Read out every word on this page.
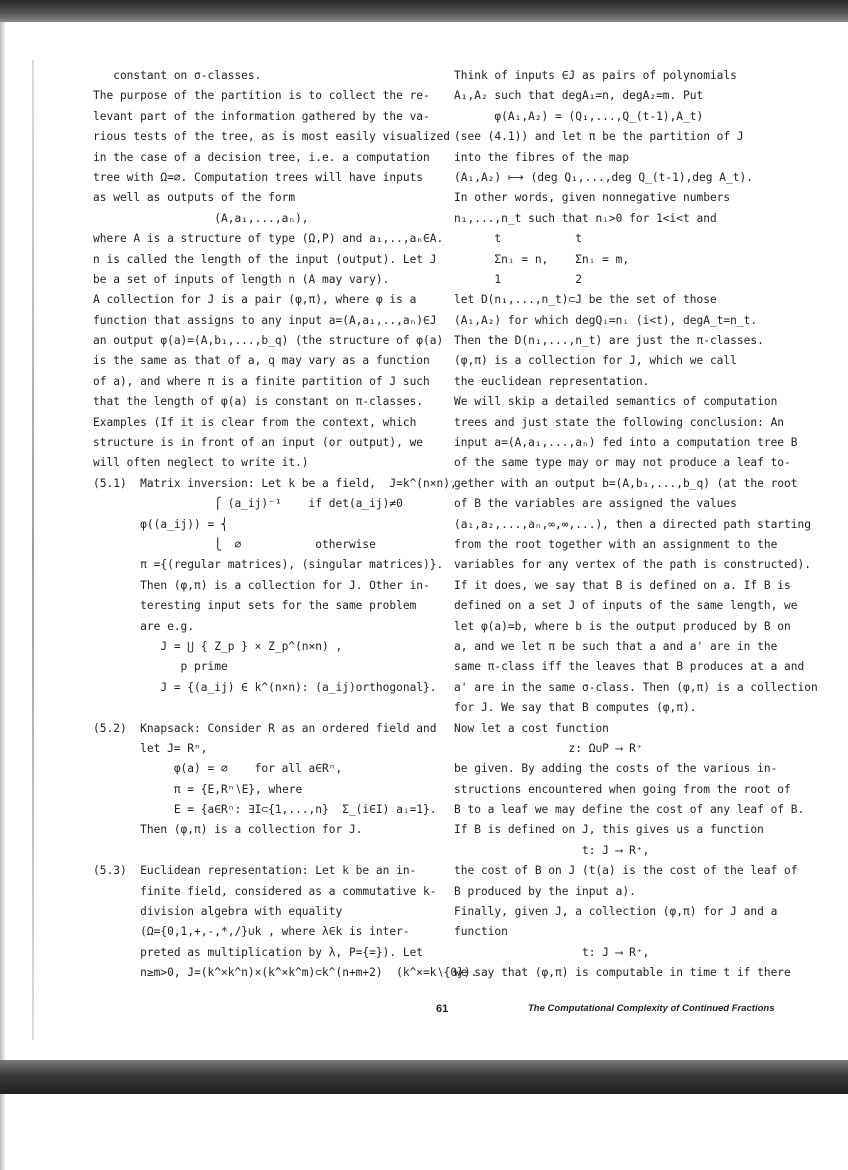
constant on σ-classes.
The purpose of the partition is to collect the re-
levant part of the information gathered by the va-
rious tests of the tree, as is most easily visualized
in the case of a decision tree, i.e. a computation
tree with Ω=∅. Computation trees will have inputs
as well as outputs of the form
(A,a₁,...,aₙ),
where A is a structure of type (Ω,P) and a₁,..,aₙ∈A.
n is called the length of the input (output). Let J
be a set of inputs of length n (A may vary).
A collection for J is a pair (φ,π), where φ is a
function that assigns to any input a=(A,a₁,..,aₙ)∈J
an output φ(a)=(A,b₁,...,b_q) (the structure of φ(a)
is the same as that of a, q may vary as a function
of a), and where π is a finite partition of J such
that the length of φ(a) is constant on π-classes.
Examples (If it is clear from the context, which
structure is in front of an input (or output), we
will often neglect to write it.)
(5.1)  Matrix inversion: Let k be a field,  J=k^(n×n),
⎧ (a_ij)⁻¹    if det(a_ij)≠0
φ((a_ij)) = ⎨
⎩  ∅           otherwise
π ={(regular matrices), (singular matrices)}.
Then (φ,π) is a collection for J. Other in-
teresting input sets for the same problem
are e.g.
J = ⋃ { Z_p } × Z_p^(n×n) ,
p prime
J = {(a_ij) ∈ k^(n×n): (a_ij)orthogonal}.
(5.2)  Knapsack: Consider R as an ordered field and
let J= Rⁿ,
φ(a) = ∅    for all a∈Rⁿ,
π = {E,Rⁿ∖E}, where
E = {a∈Rⁿ: ∃I⊂{1,...,n}  Σ_(i∈I) aᵢ=1}.
Then (φ,π) is a collection for J.
(5.3)  Euclidean representation: Let k be an in-
finite field, considered as a commutative k-
division algebra with equality
(Ω={0,1,+,-,*,/}∪k , where λ∈k is inter-
preted as multiplication by λ, P={=}). Let
n≥m>0, J=(k^×k^n)×(k^×k^m)⊂k^(n+m+2)  (k^×=k∖{0}).
Think of inputs ∈J as pairs of polynomials
A₁,A₂ such that degA₁=n, degA₂=m. Put
φ(A₁,A₂) = (Q₁,...,Q_(t-1),A_t)
(see (4.1)) and let π be the partition of J
into the fibres of the map
(A₁,A₂) ⟼ (deg Q₁,...,deg Q_(t-1),deg A_t).
In other words, given nonnegative numbers
n₁,...,n_t such that nᵢ>0 for 1<i<t and
t           t
Σnᵢ = n,    Σnᵢ = m,
1           2
let D(n₁,...,n_t)⊂J be the set of those
(A₁,A₂) for which degQᵢ=nᵢ (i<t), degA_t=n_t.
Then the D(n₁,...,n_t) are just the π-classes.
(φ,π) is a collection for J, which we call
the euclidean representation.
We will skip a detailed semantics of computation
trees and just state the following conclusion: An
input a=(A,a₁,...,aₙ) fed into a computation tree B
of the same type may or may not produce a leaf to-
gether with an output b=(A,b₁,...,b_q) (at the root
of B the variables are assigned the values
(a₁,a₂,...,aₙ,∞,∞,...), then a directed path starting
from the root together with an assignment to the
variables for any vertex of the path is constructed).
If it does, we say that B is defined on a. If B is
defined on a set J of inputs of the same length, we
let φ(a)=b, where b is the output produced by B on
a, and we let π be such that a and a' are in the
same π-class iff the leaves that B produces at a and
a' are in the same σ-class. Then (φ,π) is a collection
for J. We say that B computes (φ,π).
Now let a cost function
z: Ω∪P ⟶ R⁺
be given. By adding the costs of the various in-
structions encountered when going from the root of
B to a leaf we may define the cost of any leaf of B.
If B is defined on J, this gives us a function
t: J ⟶ R⁺,
the cost of B on J (t(a) is the cost of the leaf of
B produced by the input a).
Finally, given J, a collection (φ,π) for J and a
function
t: J ⟶ R⁺,
we say that (φ,π) is computable in time t if there
61	The Computational Complexity of Continued Fractions
